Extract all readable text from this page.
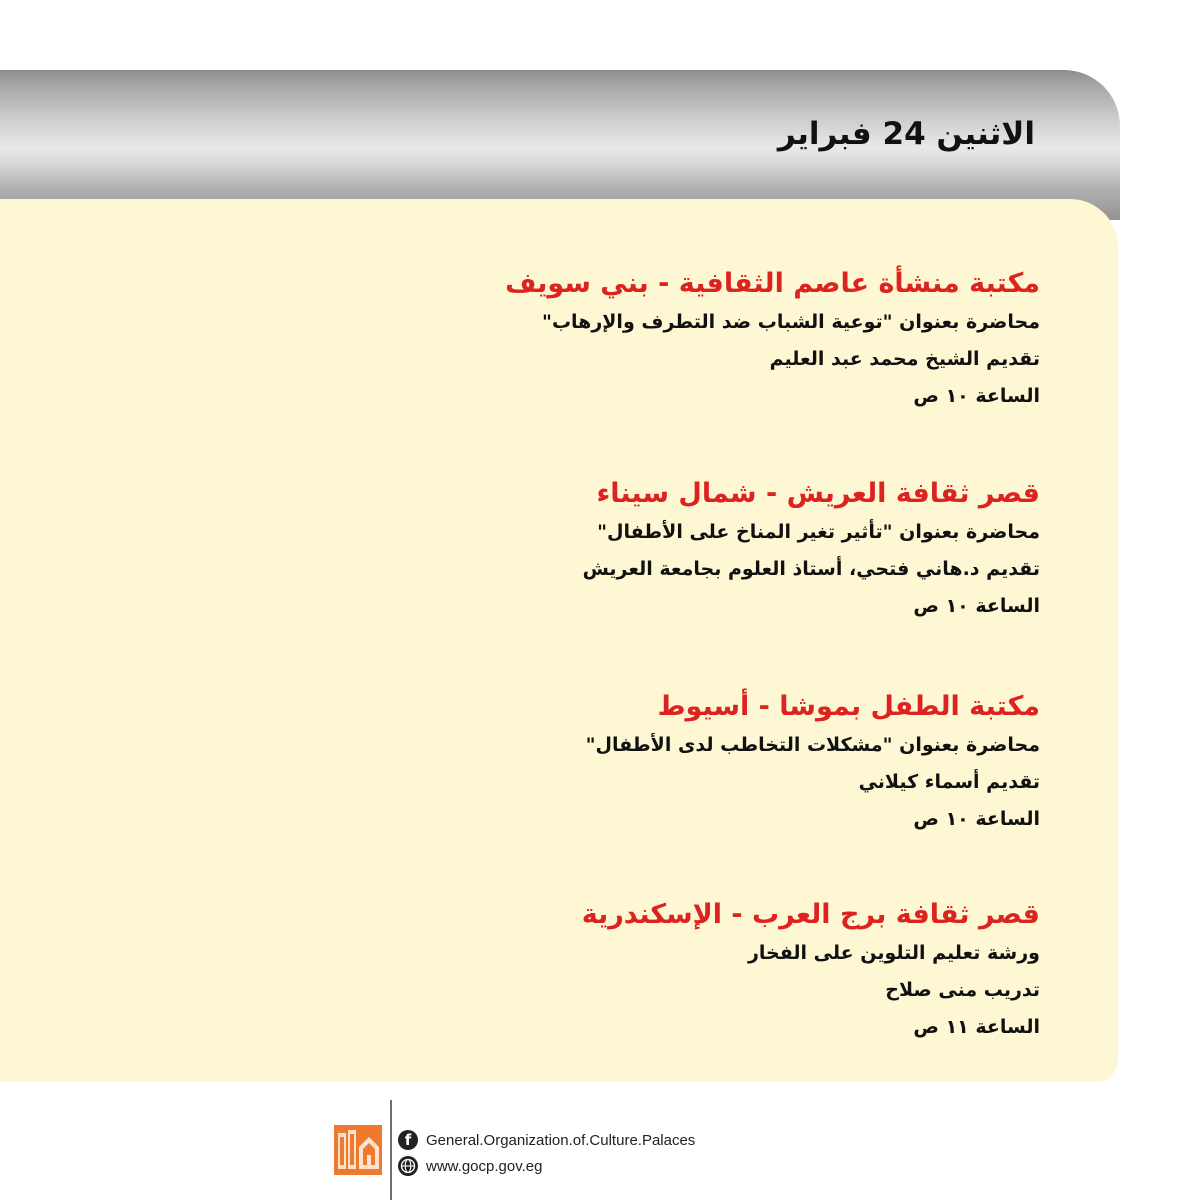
الاثنين 24 فبراير
مكتبة منشأة عاصم الثقافية - بني سويف
محاضرة بعنوان "توعية الشباب ضد التطرف والإرهاب"
تقديم الشيخ محمد عبد العليم
الساعة ١٠ ص
قصر ثقافة العريش - شمال سيناء
محاضرة بعنوان "تأثير تغير المناخ على الأطفال"
تقديم د.هاني فتحي، أستاذ العلوم بجامعة العريش
الساعة ١٠ ص
مكتبة الطفل بموشا - أسيوط
محاضرة بعنوان "مشكلات التخاطب لدى الأطفال"
تقديم أسماء كيلاني
الساعة ١٠ ص
قصر ثقافة برج العرب - الإسكندرية
ورشة تعليم التلوين على الفخار
تدريب منى صلاح
الساعة ١١ ص
f General.Organization.of.Culture.Palaces
www.gocp.gov.eg
